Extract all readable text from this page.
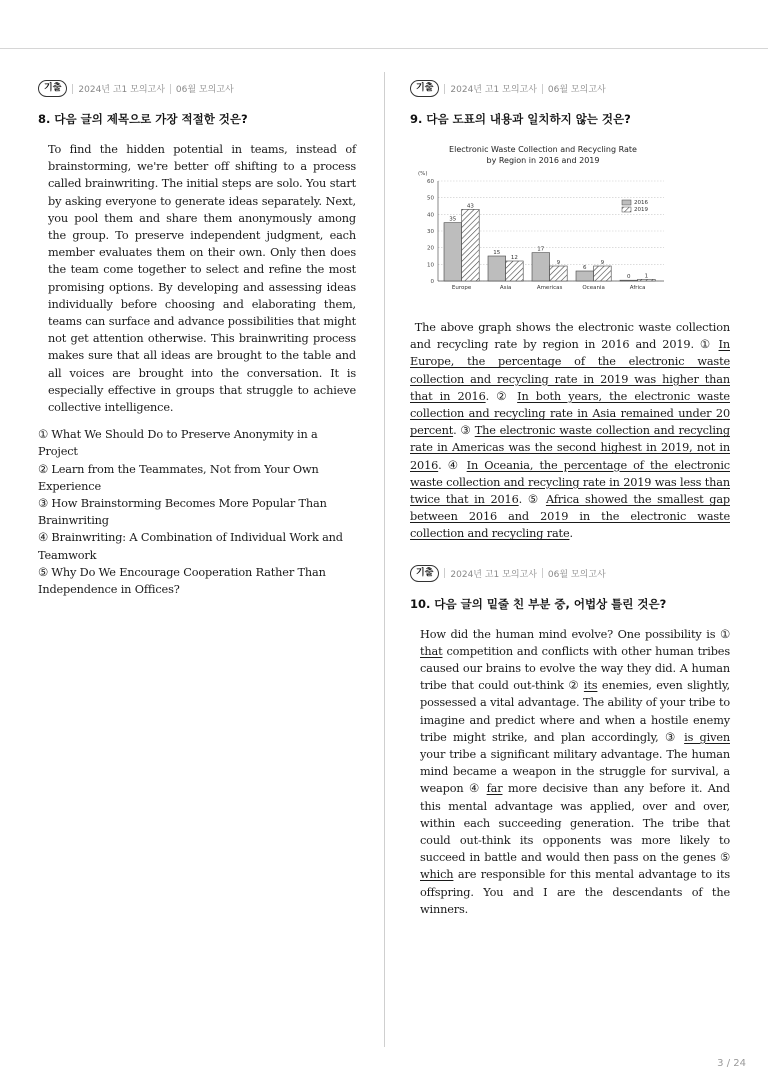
기출	2024년 고1 모의고사 06월 모의고사
8. 다음 글의 제목으로 가장 적절한 것은?

To find the hidden potential in teams, instead of brainstorming, we're better off shifting to a process called brainwriting. The initial steps are solo. You start by asking everyone to generate ideas separately. Next, you pool them and share them anonymously among the group. To preserve independent judgment, each member evaluates them on their own. Only then does the team come together to select and refine the most promising options. By developing and assessing ideas individually before choosing and elaborating them, teams can surface and advance possibilities that might not get attention otherwise. This brainwriting process makes sure that all ideas are brought to the table and all voices are brought into the conversation. It is especially effective in groups that struggle to achieve collective intelligence.

① What We Should Do to Preserve Anonymity in a Project

② Learn from the Teammates, Not from Your Own Experience

③ How Brainstorming Becomes More Popular Than Brainwriting

④ Brainwriting: A Combination of Individual Work and Teamwork

⑤ Why Do We Encourage Cooperation Rather Than Independence in Offices?

기출	2024년 고1 모의고사 06월 모의고사
9. 다음 도표의 내용과 일치하지 않는 것은?
Electronic Waste Collection and Recycling Rate
by Region in 2016 and 2019
(%)
0
10
20
30
40
50
60
35
43
Europe
15
12
Asia
17
9
Americas
6
9
Oceania
0	1
Africa
2016
2019

The above graph shows the electronic waste collection and recycling rate by region in 2016 and 2019. ① In Europe, the percentage of the electronic waste collection and recycling rate in 2019 was higher than that in 2016. ② In both years, the electronic waste collection and recycling rate in Asia remained under 20 percent. ③ The electronic waste collection and recycling rate in Americas was the second highest in 2019, not in 2016. ④ In Oceania, the percentage of the electronic waste collection and recycling rate in 2019 was less than twice that in 2016. ⑤ Africa showed the smallest gap between 2016 and 2019 in the electronic waste collection and recycling rate.

기출	2024년 고1 모의고사 06월 모의고사
10. 다음 글의 밑줄 친 부분 중, 어법상 틀린 것은?

How did the human mind evolve? One possibility is ① that competition and conflicts with other human tribes caused our brains to evolve the way they did. A human tribe that could out-think ② its enemies, even slightly, possessed a vital advantage. The ability of your tribe to imagine and predict where and when a hostile enemy tribe might strike, and plan accordingly, ③ is given your tribe a significant military advantage. The human mind became a weapon in the struggle for survival, a weapon ④ far more decisive than any before it. And this mental advantage was applied, over and over, within each succeeding generation. The tribe that could out-think its opponents was more likely to succeed in battle and would then pass on the genes ⑤ which are responsible for this mental advantage to its offspring. You and I are the descendants of the winners.

3 / 24
